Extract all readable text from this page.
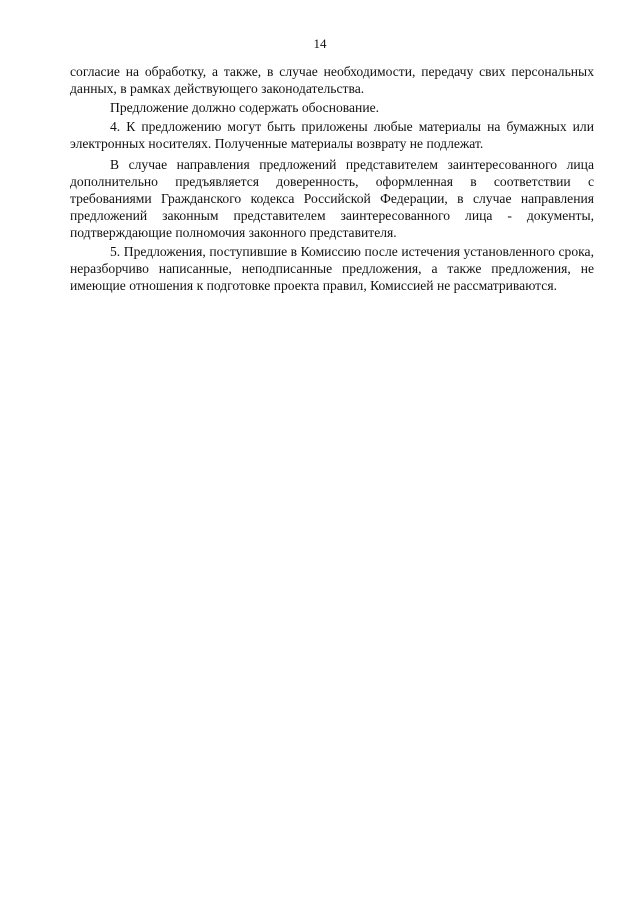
14

согласие на обработку, а также, в случае необходимости, передачу свих персональных данных, в рамках действующего законодательства.

Предложение должно содержать обоснование.

4. К предложению могут быть приложены любые материалы на бумажных или электронных носителях. Полученные материалы возврату не подлежат.

В случае направления предложений представителем заинтересованного лица дополнительно предъявляется доверенность, оформленная в соответствии с требованиями Гражданского кодекса Российской Федерации, в случае направления предложений законным представителем заинтересованного лица - документы, подтверждающие полномочия законного представителя.

5. Предложения, поступившие в Комиссию после истечения установленного срока, неразборчиво написанные, неподписанные предложения, а также предложения, не имеющие отношения к подготовке проекта правил, Комиссией не рассматриваются.
